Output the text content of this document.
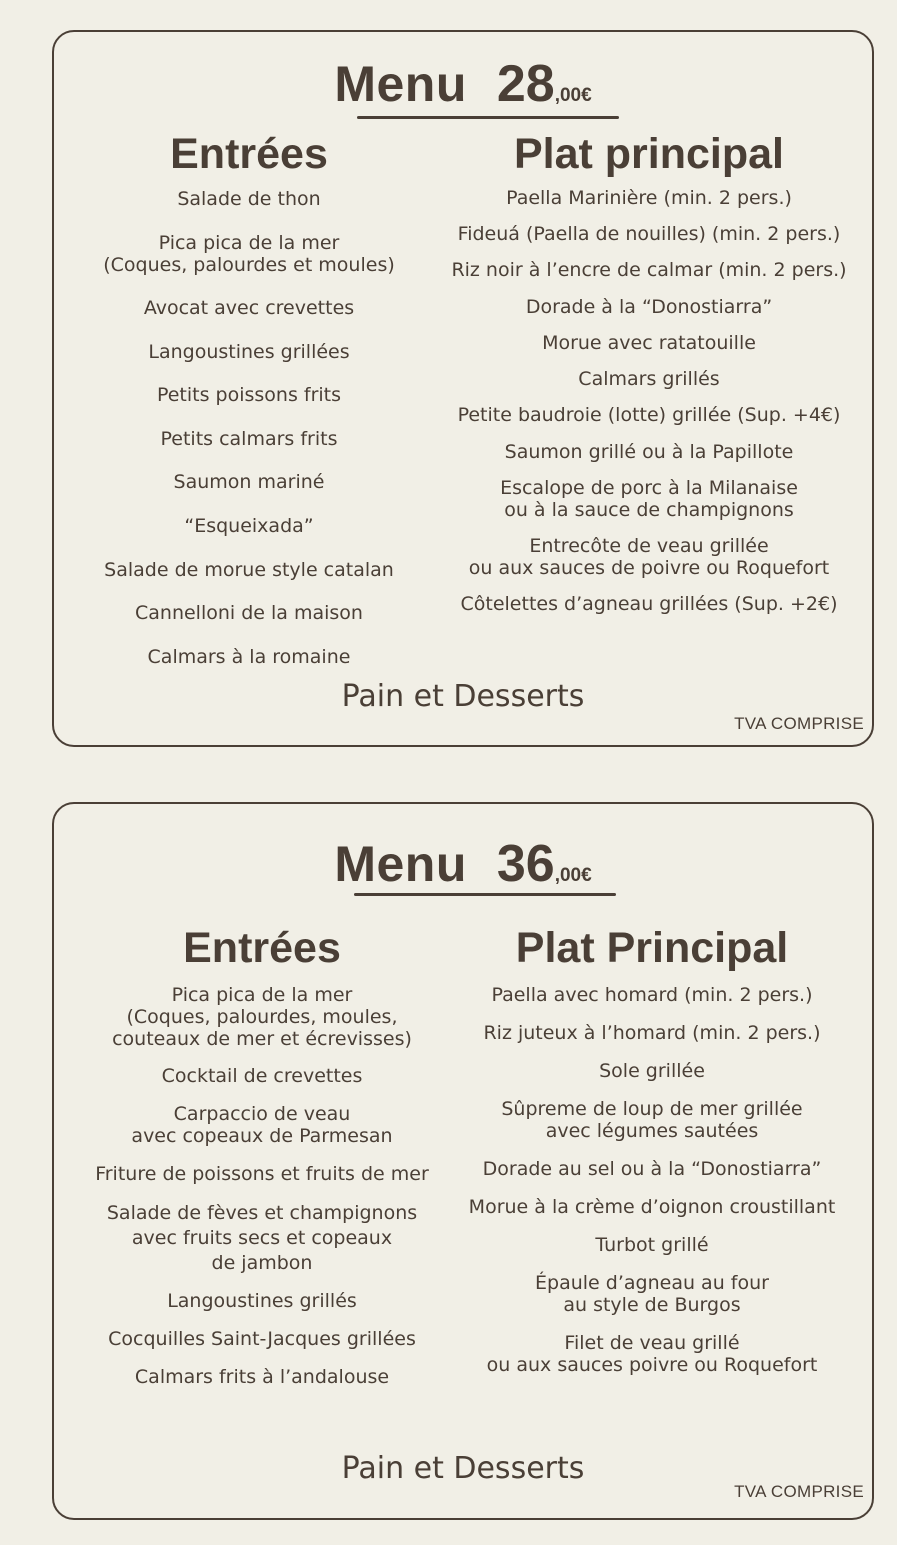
Menu 28,00€
Entrées
Salade de thon
Pica pica de la mer
(Coques, palourdes et moules)
Avocat avec crevettes
Langoustines grillées
Petits poissons frits
Petits calmars frits
Saumon mariné
“Esqueixada”
Salade de morue style catalan
Cannelloni de la maison
Calmars à la romaine
Plat principal
Paella Marinière (min. 2 pers.)
Fideuá (Paella de nouilles) (min. 2 pers.)
Riz noir à l’encre de calmar (min. 2 pers.)
Dorade à la “Donostiarra”
Morue avec ratatouille
Calmars grillés
Petite baudroie (lotte) grillée (Sup. +4€)
Saumon grillé ou à la Papillote
Escalope de porc à la Milanaise
ou à la sauce de champignons
Entrecôte de veau grillée
ou aux sauces de poivre ou Roquefort
Côtelettes d’agneau grillées (Sup. +2€)
Pain et Desserts
TVA COMPRISE
Menu 36,00€
Entrées
Pica pica de la mer
(Coques, palourdes, moules,
couteaux de mer et écrevisses)
Cocktail de crevettes
Carpaccio de veau
avec copeaux de Parmesan
Friture de poissons et fruits de mer
Salade de fèves et champignons
avec fruits secs et copeaux
de jambon
Langoustines grillés
Cocquilles Saint-Jacques grillées
Calmars frits à l’andalouse
Plat Principal
Paella avec homard (min. 2 pers.)
Riz juteux à l’homard (min. 2 pers.)
Sole grillée
Sûpreme de loup de mer grillée
avec légumes sautées
Dorade au sel ou à la “Donostiarra”
Morue à la crème d’oignon croustillant
Turbot grillé
Épaule d’agneau au four
au style de Burgos
Filet de veau grillé
ou aux sauces poivre ou Roquefort
Pain et Desserts
TVA COMPRISE
